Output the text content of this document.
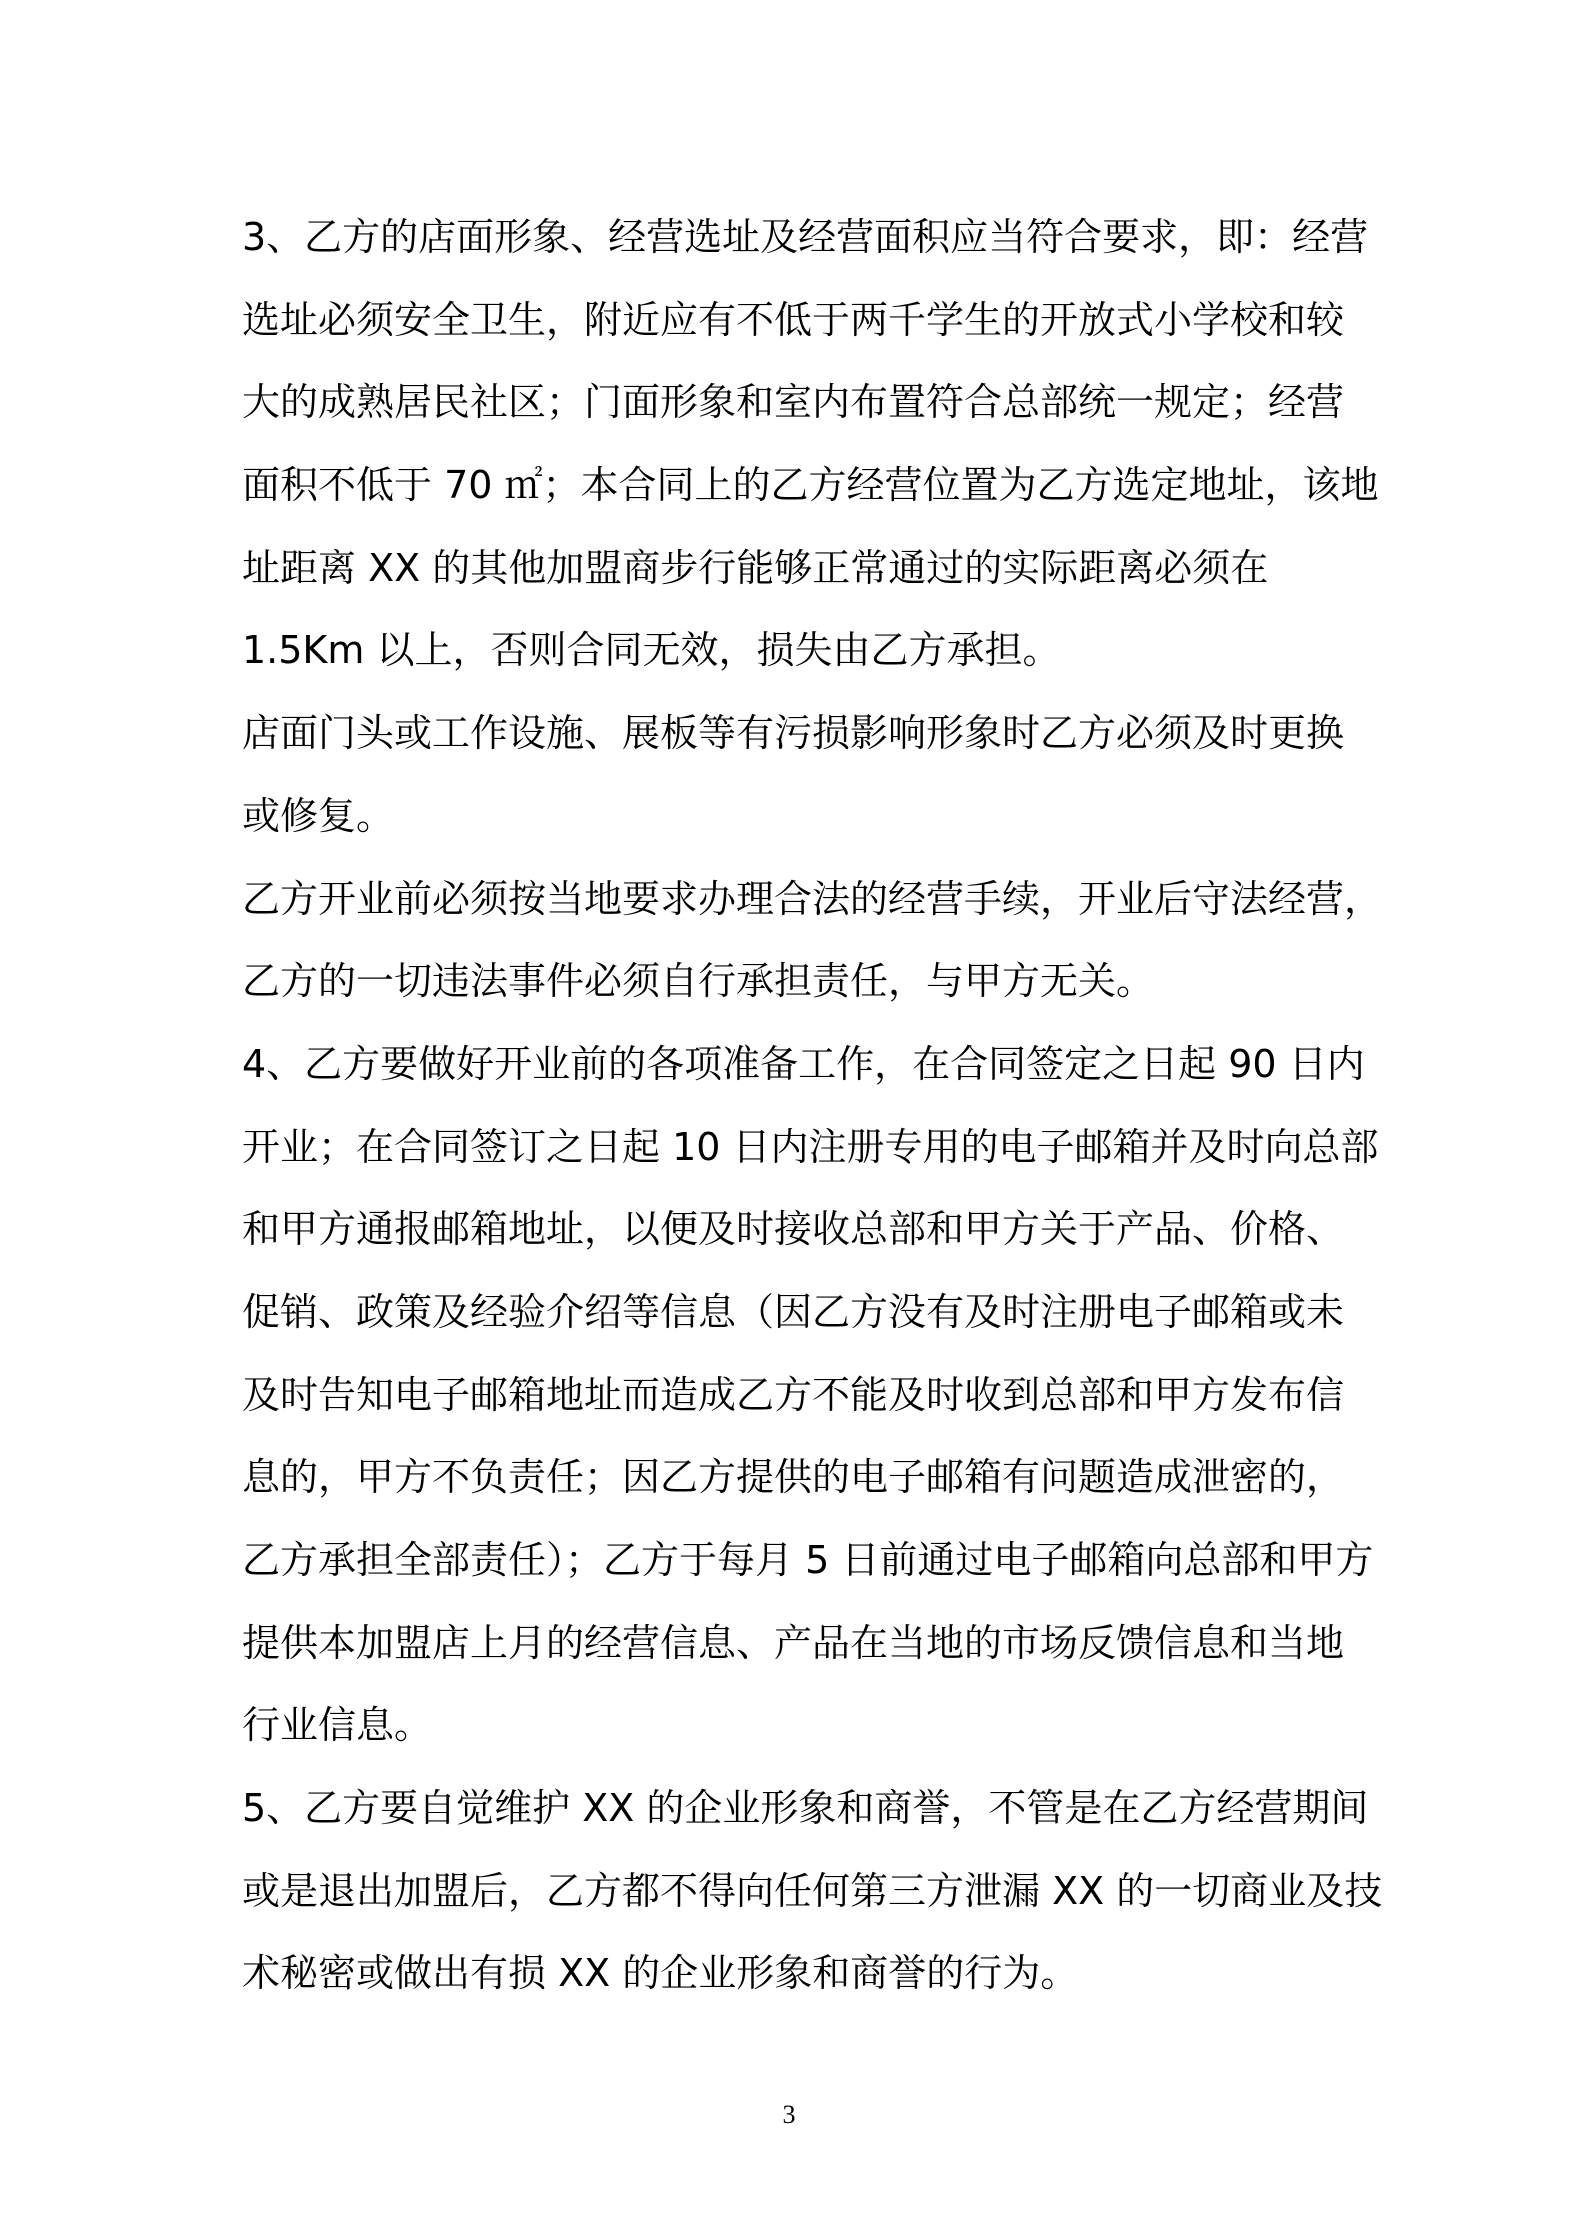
3、乙方的店面形象、经营选址及经营面积应当符合要求，即：经营
选址必须安全卫生，附近应有不低于两千学生的开放式小学校和较
大的成熟居民社区；门面形象和室内布置符合总部统一规定；经营
面积不低于 70 ㎡；本合同上的乙方经营位置为乙方选定地址，该地
址距离 XX 的其他加盟商步行能够正常通过的实际距离必须在
1.5Km 以上，否则合同无效，损失由乙方承担。
店面门头或工作设施、展板等有污损影响形象时乙方必须及时更换
或修复。
乙方开业前必须按当地要求办理合法的经营手续，开业后守法经营，
乙方的一切违法事件必须自行承担责任，与甲方无关。
4、乙方要做好开业前的各项准备工作，在合同签定之日起 90 日内
开业；在合同签订之日起 10 日内注册专用的电子邮箱并及时向总部
和甲方通报邮箱地址，以便及时接收总部和甲方关于产品、价格、
促销、政策及经验介绍等信息（因乙方没有及时注册电子邮箱或未
及时告知电子邮箱地址而造成乙方不能及时收到总部和甲方发布信
息的，甲方不负责任；因乙方提供的电子邮箱有问题造成泄密的，
乙方承担全部责任）；乙方于每月 5 日前通过电子邮箱向总部和甲方
提供本加盟店上月的经营信息、产品在当地的市场反馈信息和当地
行业信息。
5、乙方要自觉维护 XX 的企业形象和商誉，不管是在乙方经营期间
或是退出加盟后，乙方都不得向任何第三方泄漏 XX 的一切商业及技
术秘密或做出有损 XX 的企业形象和商誉的行为。
3
